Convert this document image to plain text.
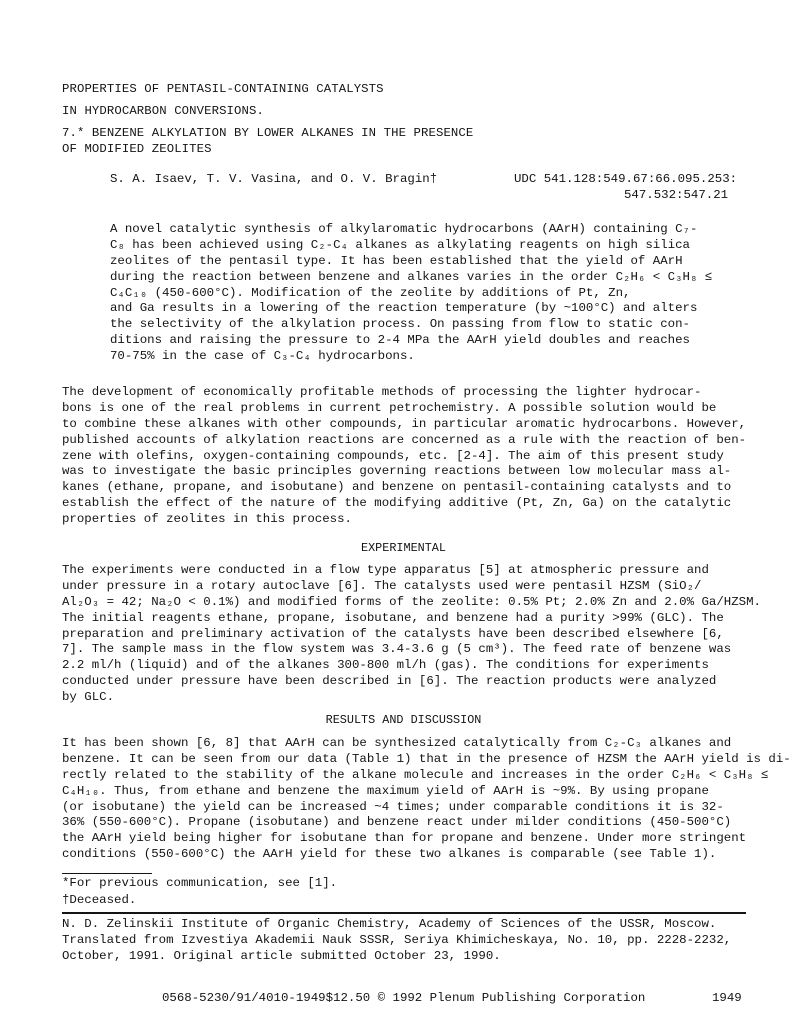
PROPERTIES OF PENTASIL-CONTAINING CATALYSTS
IN HYDROCARBON CONVERSIONS.
7.* BENZENE ALKYLATION BY LOWER ALKANES IN THE PRESENCE
OF MODIFIED ZEOLITES
S. A. Isaev, T. V. Vasina, and O. V. Bragin†	UDC 541.128:549.67:66.095.253:
547.532:547.21
A novel catalytic synthesis of alkylaromatic hydrocarbons (AArH) containing C₇-
C₈ has been achieved using C₂-C₄ alkanes as alkylating reagents on high silica
zeolites of the pentasil type. It has been established that the yield of AArH
during the reaction between benzene and alkanes varies in the order C₂H₆ < C₃H₈ ≤
C₄C₁₀ (450-600°C). Modification of the zeolite by additions of Pt, Zn,
and Ga results in a lowering of the reaction temperature (by ~100°C) and alters
the selectivity of the alkylation process. On passing from flow to static con-
ditions and raising the pressure to 2-4 MPa the AArH yield doubles and reaches
70-75% in the case of C₃-C₄ hydrocarbons.
The development of economically profitable methods of processing the lighter hydrocar-
bons is one of the real problems in current petrochemistry. A possible solution would be
to combine these alkanes with other compounds, in particular aromatic hydrocarbons. However,
published accounts of alkylation reactions are concerned as a rule with the reaction of ben-
zene with olefins, oxygen-containing compounds, etc. [2-4]. The aim of this present study
was to investigate the basic principles governing reactions between low molecular mass al-
kanes (ethane, propane, and isobutane) and benzene on pentasil-containing catalysts and to
establish the effect of the nature of the modifying additive (Pt, Zn, Ga) on the catalytic
properties of zeolites in this process.
EXPERIMENTAL
The experiments were conducted in a flow type apparatus [5] at atmospheric pressure and
under pressure in a rotary autoclave [6]. The catalysts used were pentasil HZSM (SiO₂/
Al₂O₃ = 42; Na₂O < 0.1%) and modified forms of the zeolite: 0.5% Pt; 2.0% Zn and 2.0% Ga/HZSM.
The initial reagents ethane, propane, isobutane, and benzene had a purity >99% (GLC). The
preparation and preliminary activation of the catalysts have been described elsewhere [6,
7]. The sample mass in the flow system was 3.4-3.6 g (5 cm³). The feed rate of benzene was
2.2 ml/h (liquid) and of the alkanes 300-800 ml/h (gas). The conditions for experiments
conducted under pressure have been described in [6]. The reaction products were analyzed
by GLC.
RESULTS AND DISCUSSION
It has been shown [6, 8] that AArH can be synthesized catalytically from C₂-C₃ alkanes and
benzene. It can be seen from our data (Table 1) that in the presence of HZSM the AArH yield is di-
rectly related to the stability of the alkane molecule and increases in the order C₂H₆ < C₃H₈ ≤
C₄H₁₀. Thus, from ethane and benzene the maximum yield of AArH is ~9%. By using propane
(or isobutane) the yield can be increased ~4 times; under comparable conditions it is 32-
36% (550-600°C). Propane (isobutane) and benzene react under milder conditions (450-500°C)
the AArH yield being higher for isobutane than for propane and benzene. Under more stringent
conditions (550-600°C) the AArH yield for these two alkanes is comparable (see Table 1).
*For previous communication, see [1].
†Deceased.
N. D. Zelinskii Institute of Organic Chemistry, Academy of Sciences of the USSR, Moscow.
Translated from Izvestiya Akademii Nauk SSSR, Seriya Khimicheskaya, No. 10, pp. 2228-2232,
October, 1991. Original article submitted October 23, 1990.
0568-5230/91/4010-1949$12.50 © 1992 Plenum Publishing Corporation	1949
